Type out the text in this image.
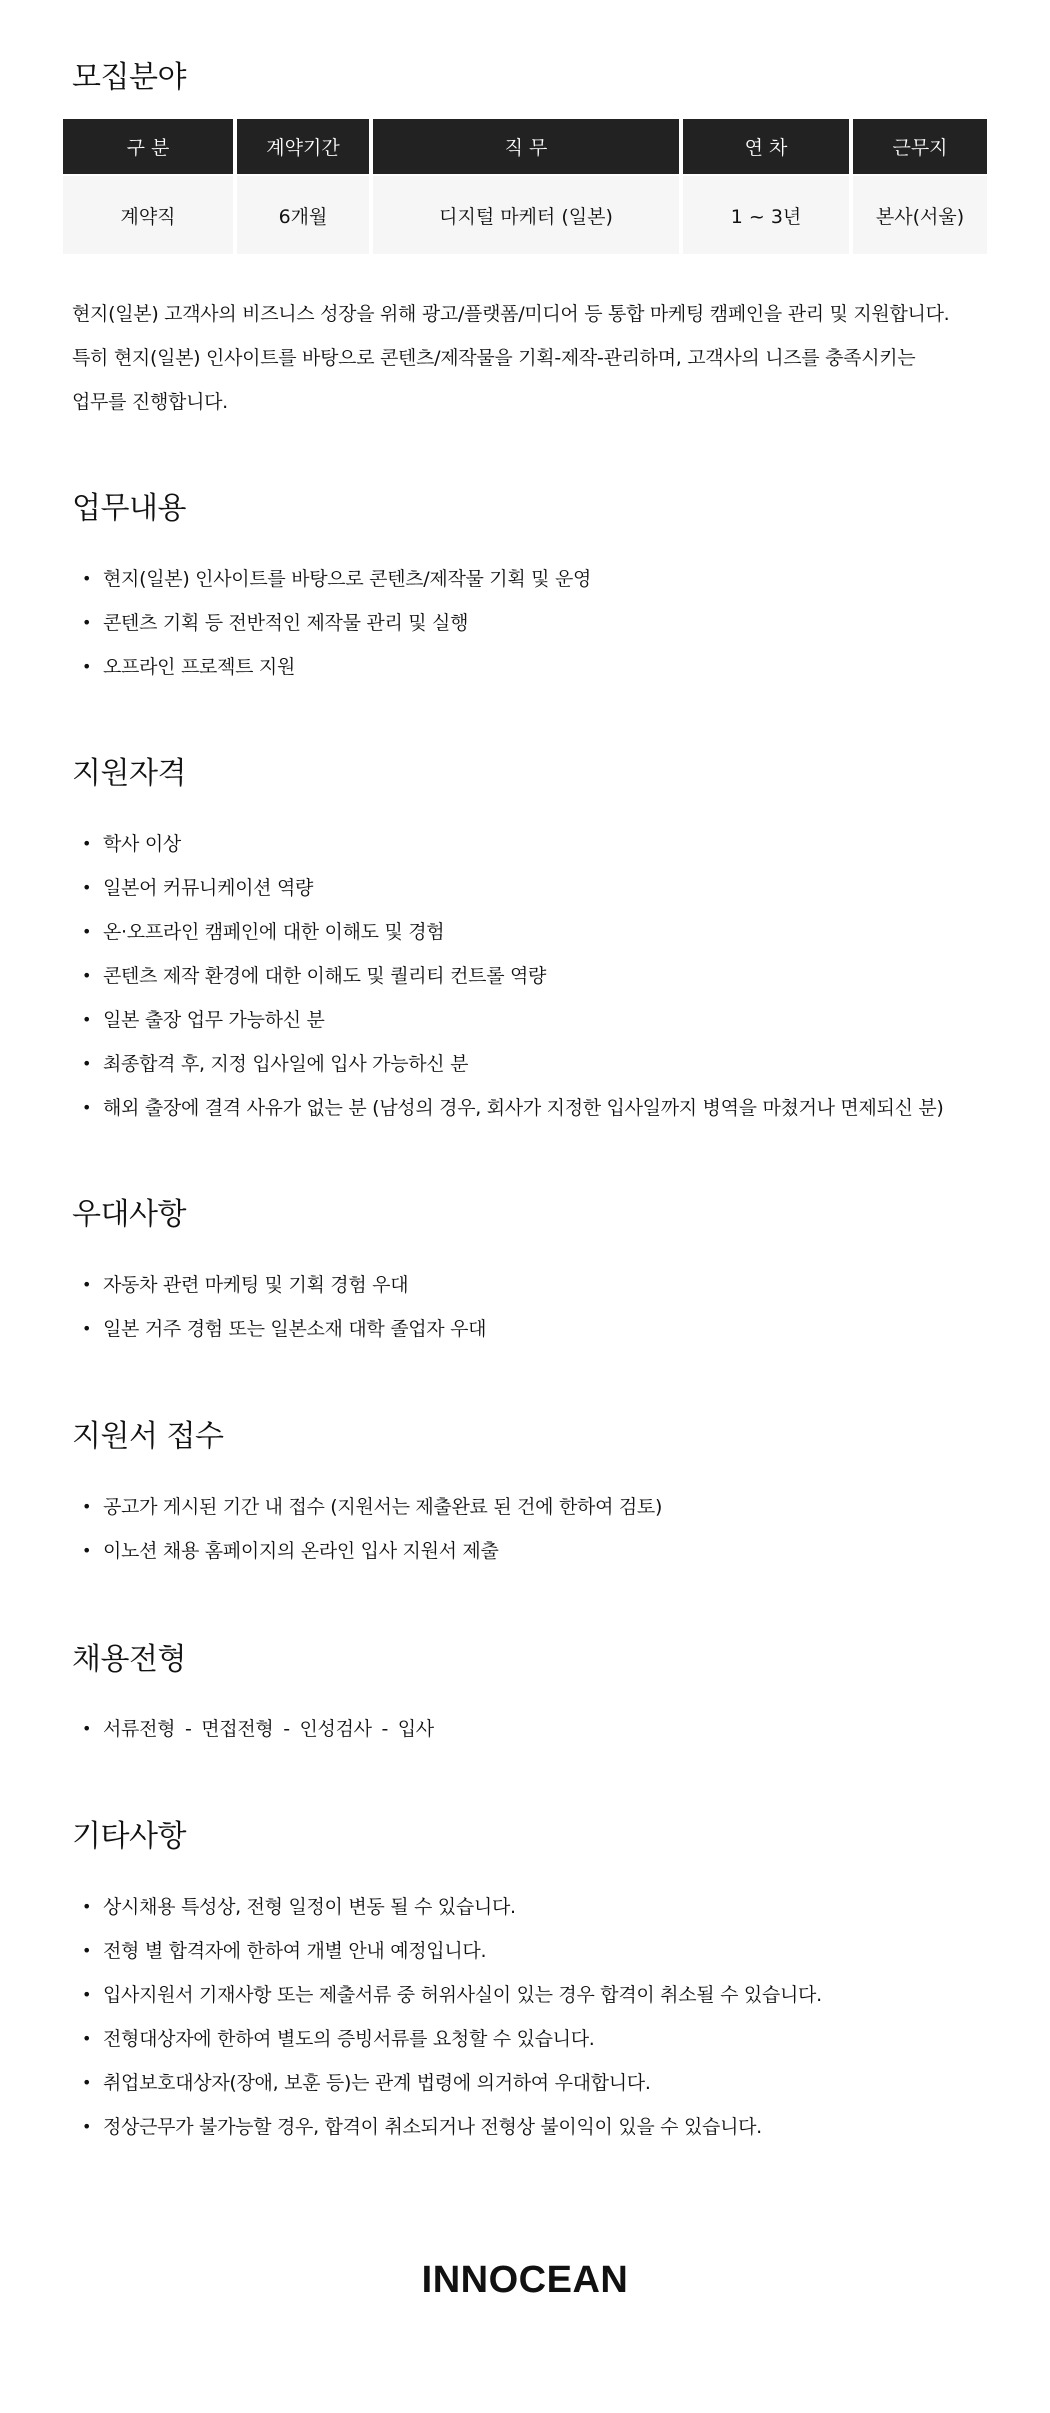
모집분야
구 분	계약기간	직 무	연 차	근무지
계약직	6개월	디지털 마케터 (일본)	1 ~ 3년	본사(서울)

현지(일본) 고객사의 비즈니스 성장을 위해 광고/플랫폼/미디어 등 통합 마케팅 캠페인을 관리 및 지원합니다.

특히 현지(일본) 인사이트를 바탕으로 콘텐츠/제작물을 기획-제작-관리하며, 고객사의 니즈를 충족시키는

업무를 진행합니다.

업무내용
• 현지(일본) 인사이트를 바탕으로 콘텐츠/제작물 기획 및 운영
• 콘텐츠 기획 등 전반적인 제작물 관리 및 실행
• 오프라인 프로젝트 지원
지원자격
• 학사 이상
• 일본어 커뮤니케이션 역량
• 온·오프라인 캠페인에 대한 이해도 및 경험
• 콘텐츠 제작 환경에 대한 이해도 및 퀄리티 컨트롤 역량
• 일본 출장 업무 가능하신 분
• 최종합격 후, 지정 입사일에 입사 가능하신 분
• 해외 출장에 결격 사유가 없는 분 (남성의 경우, 회사가 지정한 입사일까지 병역을 마쳤거나 면제되신 분)
우대사항
• 자동차 관련 마케팅 및 기획 경험 우대
• 일본 거주 경험 또는 일본소재 대학 졸업자 우대
지원서 접수
• 공고가 게시된 기간 내 접수 (지원서는 제출완료 된 건에 한하여 검토)
• 이노션 채용 홈페이지의 온라인 입사 지원서 제출
채용전형
• 서류전형 ‑ 면접전형 ‑ 인성검사 ‑ 입사
기타사항
• 상시채용 특성상, 전형 일정이 변동 될 수 있습니다.
• 전형 별 합격자에 한하여 개별 안내 예정입니다.
• 입사지원서 기재사항 또는 제출서류 중 허위사실이 있는 경우 합격이 취소될 수 있습니다.
• 전형대상자에 한하여 별도의 증빙서류를 요청할 수 있습니다.
• 취업보호대상자(장애, 보훈 등)는 관계 법령에 의거하여 우대합니다.
• 정상근무가 불가능할 경우, 합격이 취소되거나 전형상 불이익이 있을 수 있습니다.
INNOCEAN
